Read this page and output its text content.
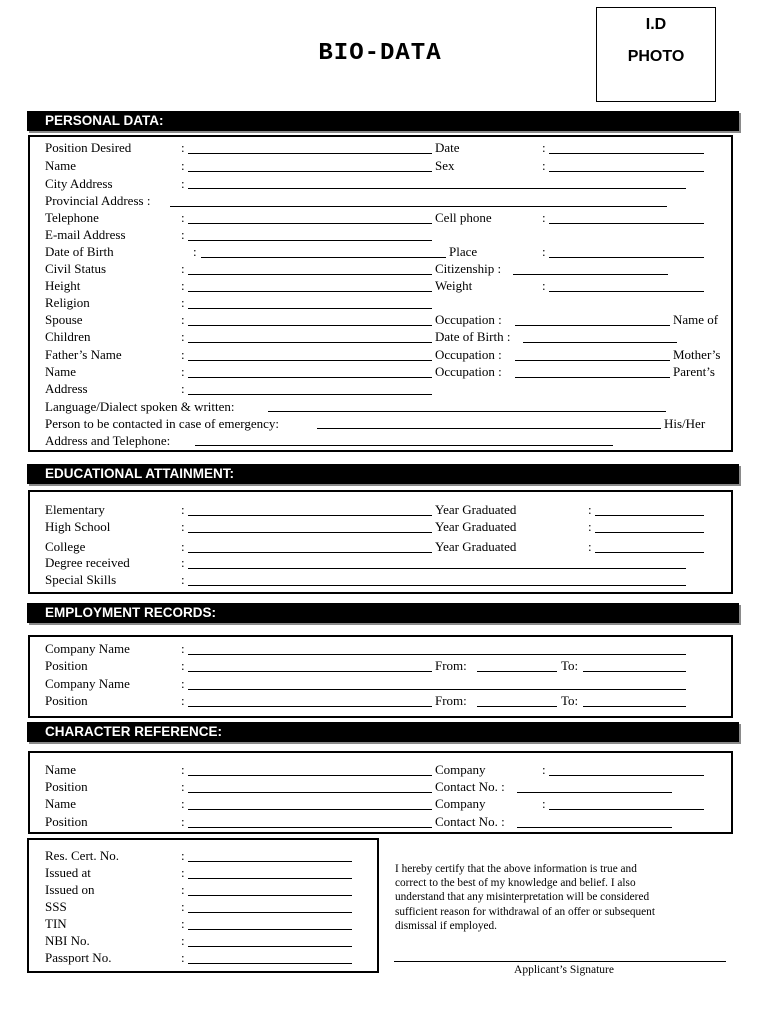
BIO-DATA
I.D
PHOTO
PERSONAL DATA:
Position Desired	:	Date	:
Name	:	Sex	:
City Address	:
Provincial Address :
Telephone	:	Cell phone	:
E-mail Address	:
Date of Birth	:	Place	:
Civil Status	:	Citizenship :
Height	:	Weight	:
Religion	:
Spouse	:	Occupation :	Name of
Children	:	Date of Birth :
Father’s Name	:	Occupation :	Mother’s
Name	:	Occupation :	Parent’s
Address	:
Language/Dialect spoken & written:
Person to be contacted in case of emergency:	His/Her
Address and Telephone:
EDUCATIONAL ATTAINMENT:
Elementary	:	Year Graduated	:
High School	:	Year Graduated	:
College	:	Year Graduated	:
Degree received	:
Special Skills	:
EMPLOYMENT RECORDS:
Company Name	:
Position	:	From:	To:
Company Name	:
Position	:	From:	To:
CHARACTER REFERENCE:
Name	:	Company	:
Position	:	Contact No. :
Name	:	Company	:
Position	:	Contact No. :
Res. Cert. No.	:
Issued at	:
Issued on	:
SSS	:
TIN	:
NBI No.	:
Passport No.	:
I hereby certify that the above information is true and
correct to the best of my knowledge and belief. I also
understand that any misinterpretation will be considered
sufficient reason for withdrawal of an offer or subsequent
dismissal if employed.
Applicant’s Signature
